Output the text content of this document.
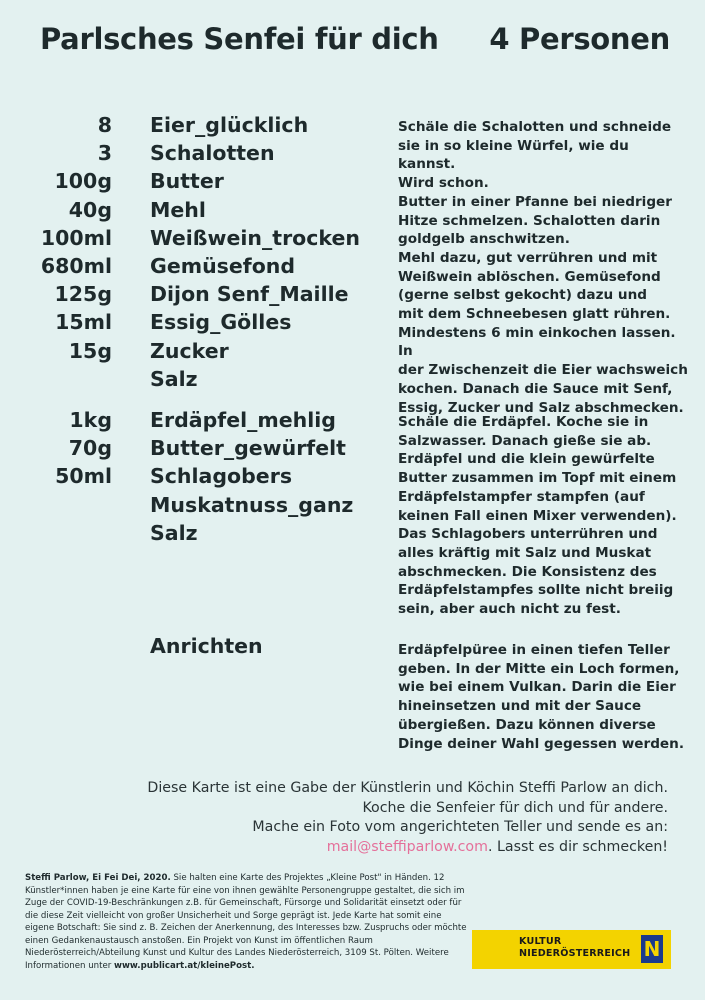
Parlsches Senfei für dich 4 Personen
8 Eier_glücklich
3 Schalotten
100g Butter
40g Mehl
100ml Weißwein_trocken
680ml Gemüsefond
125g Dijon Senf_Maille
15ml Essig_Gölles
15g Zucker
Salz
Schäle die Schalotten und schneide
sie in so kleine Würfel, wie du kannst.
Wird schon.
Butter in einer Pfanne bei niedriger
Hitze schmelzen. Schalotten darin
goldgelb anschwitzen.
Mehl dazu, gut verrühren und mit
Weißwein ablöschen. Gemüsefond
(gerne selbst gekocht) dazu und
mit dem Schneebesen glatt rühren.
Mindestens 6 min einkochen lassen. In
der Zwischenzeit die Eier wachsweich
kochen. Danach die Sauce mit Senf,
Essig, Zucker und Salz abschmecken.
1kg Erdäpfel_mehlig
70g Butter_gewürfelt
50ml Schlagobers
Muskatnuss_ganz
Salz
Schäle die Erdäpfel. Koche sie in
Salzwasser. Danach gieße sie ab.
Erdäpfel und die klein gewürfelte
Butter zusammen im Topf mit einem
Erdäpfelstampfer stampfen (auf
keinen Fall einen Mixer verwenden).
Das Schlagobers unterrühren und
alles kräftig mit Salz und Muskat
abschmecken. Die Konsistenz des
Erdäpfelstampfes sollte nicht breiig
sein, aber auch nicht zu fest.
Anrichten	Erdäpfelpüree in einen tiefen Teller
geben. In der Mitte ein Loch formen,
wie bei einem Vulkan. Darin die Eier
hineinsetzen und mit der Sauce
übergießen. Dazu können diverse
Dinge deiner Wahl gegessen werden.
Diese Karte ist eine Gabe der Künstlerin und Köchin Steffi Parlow an dich.
Koche die Senfeier für dich und für andere.
Mache ein Foto vom angerichteten Teller und sende es an:
mail@steffiparlow.com. Lasst es dir schmecken!
Steffi Parlow, Ei Fei Dei, 2020. Sie halten eine Karte des Projektes „Kleine Post" in Händen. 12 Künstler*innen haben je eine Karte für eine von ihnen gewählte Personengruppe gestaltet, die sich im Zuge der COVID-19-Beschränkungen z.B. für Gemeinschaft, Fürsorge und Solidarität einsetzt oder für die diese Zeit vielleicht von großer Unsicherheit und Sorge geprägt ist. Jede Karte hat somit eine eigene Botschaft: Sie sind z. B. Zeichen der Anerkennung, des Interesses bzw. Zuspruchs oder möchte einen Gedankenaustausch anstoßen. Ein Projekt von Kunst im öffentlichen Raum Niederösterreich/Abteilung Kunst und Kultur des Landes Niederösterreich, 3109 St. Pölten. Weitere Informationen unter www.publicart.at/kleinePost.
KULTUR
NIEDERÖSTERREICH N
